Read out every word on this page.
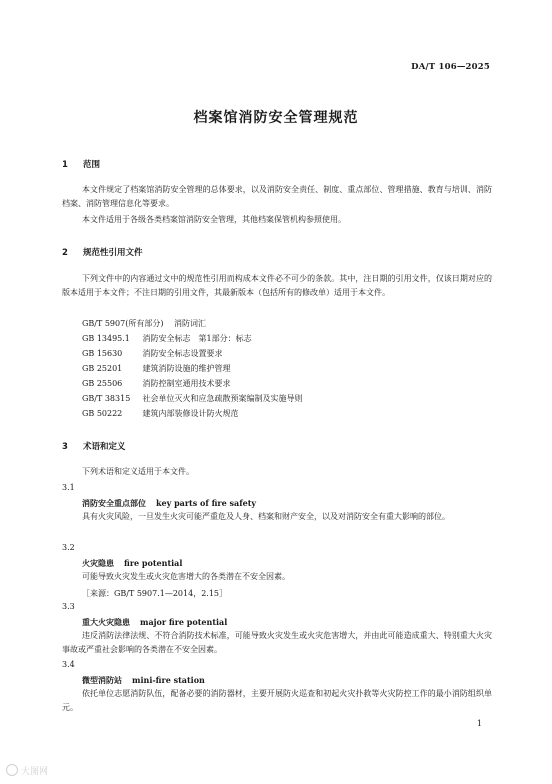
DA/T 106—2025
档案馆消防安全管理规范
1 范围
本文件规定了档案馆消防安全管理的总体要求，以及消防安全责任、制度、重点部位、管理措施、教育与培训、消防档案、消防管理信息化等要求。
本文件适用于各级各类档案馆消防安全管理，其他档案保管机构参照使用。
2 规范性引用文件
下列文件中的内容通过文中的规范性引用而构成本文件必不可少的条款。其中，注日期的引用文件，仅该日期对应的版本适用于本文件；不注日期的引用文件，其最新版本（包括所有的修改单）适用于本文件。
GB/T 5907(所有部分)　 消防词汇
GB 13495.1　 消防安全标志　第1部分：标志
GB 15630　	消防安全标志设置要求
GB 25201　	建筑消防设施的维护管理
GB 25506　	消防控制室通用技术要求
GB/T 38315　 社会单位灭火和应急疏散预案编制及实施导则
GB 50222　	建筑内部装修设计防火规范
3 术语和定义
下列术语和定义适用于本文件。
3.1
消防安全重点部位 key parts of fire safety
具有火灾风险，一旦发生火灾可能严重危及人身、档案和财产安全，以及对消防安全有重大影响的部位。
3.2
火灾隐患 fire potential
可能导致火灾发生或火灾危害增大的各类潜在不安全因素。
［来源：GB/T 5907.1—2014，2.15］
3.3
重大火灾隐患 major fire potential
违反消防法律法规、不符合消防技术标准，可能导致火灾发生或火灾危害增大，并由此可能造成重大、特别重大火灾事故或严重社会影响的各类潜在不安全因素。
3.4
微型消防站 mini-fire station
依托单位志愿消防队伍，配备必要的消防器材，主要开展防火巡查和初起火灾扑救等火灾防控工作的最小消防组织单元。
1
大图网
